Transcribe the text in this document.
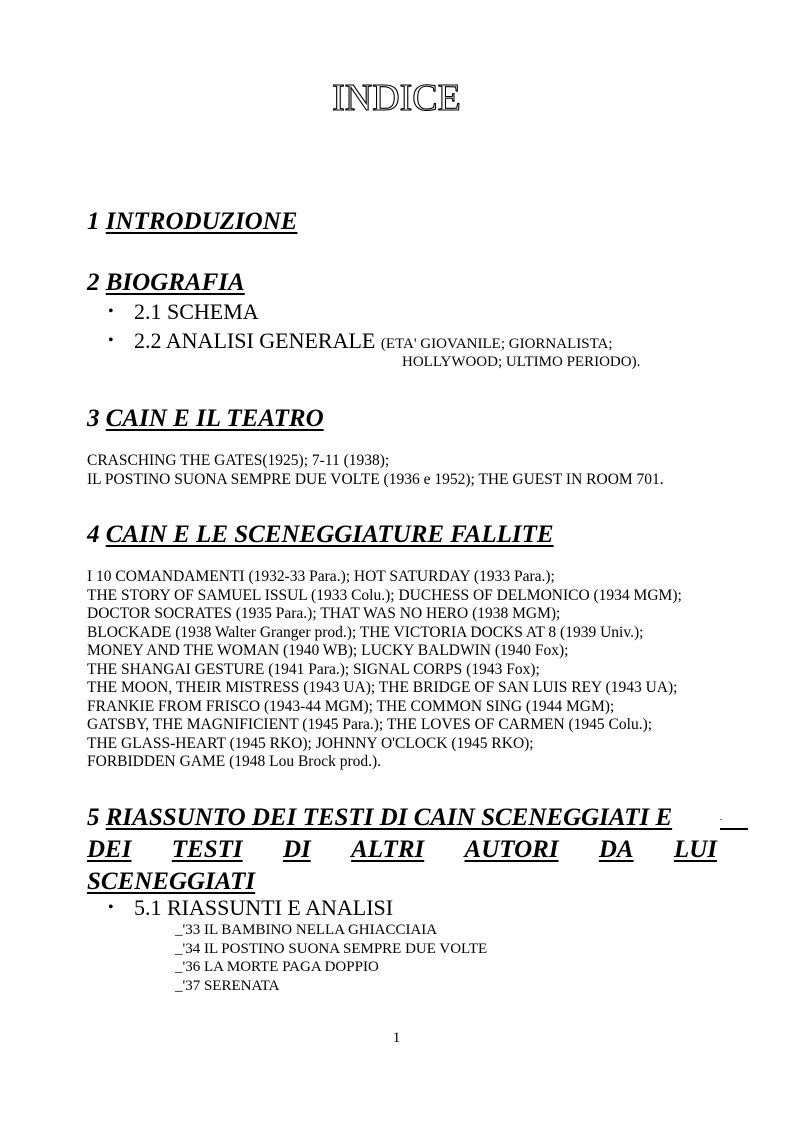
INDICE
1 INTRODUZIONE
2 BIOGRAFIA
• 2.1 SCHEMA
• 2.2 ANALISI GENERALE (ETA' GIOVANILE; GIORNALISTA;
HOLLYWOOD; ULTIMO PERIODO).
3 CAIN E IL TEATRO
CRASCHING THE GATES(1925); 7-11 (1938);
IL POSTINO SUONA SEMPRE DUE VOLTE (1936 e 1952); THE GUEST IN ROOM 701.
4 CAIN E LE SCENEGGIATURE FALLITE
I 10 COMANDAMENTI (1932-33 Para.); HOT SATURDAY (1933 Para.);
THE STORY OF SAMUEL ISSUL (1933 Colu.); DUCHESS OF DELMONICO (1934 MGM);
DOCTOR SOCRATES (1935 Para.); THAT WAS NO HERO (1938 MGM);
BLOCKADE (1938 Walter Granger prod.); THE VICTORIA DOCKS AT 8 (1939 Univ.);
MONEY AND THE WOMAN (1940 WB); LUCKY BALDWIN (1940 Fox);
THE SHANGAI GESTURE (1941 Para.); SIGNAL CORPS (1943 Fox);
THE MOON, THEIR MISTRESS (1943 UA); THE BRIDGE OF SAN LUIS REY (1943 UA);
FRANKIE FROM FRISCO (1943-44 MGM); THE COMMON SING (1944 MGM);
GATSBY, THE MAGNIFICIENT (1945 Para.); THE LOVES OF CARMEN (1945 Colu.);
THE GLASS-HEART (1945 RKO); JOHNNY O'CLOCK (1945 RKO);
FORBIDDEN GAME (1948 Lou Brock prod.).
5 RIASSUNTO DEI TESTI DI CAIN SCENEGGIATI E	.
DEI TESTI DI ALTRI AUTORI DA LUI
SCENEGGIATI
• 5.1 RIASSUNTI E ANALISI
_'33 IL BAMBINO NELLA GHIACCIAIA
_'34 IL POSTINO SUONA SEMPRE DUE VOLTE
_'36 LA MORTE PAGA DOPPIO
_'37 SERENATA
1
